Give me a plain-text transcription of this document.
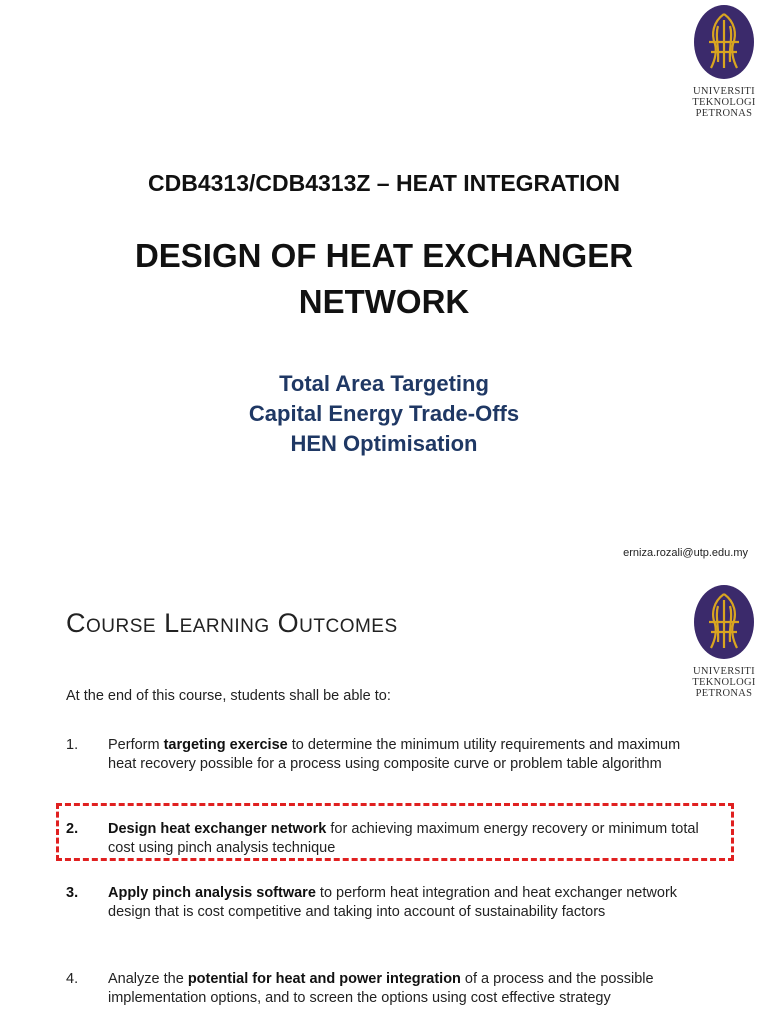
UNIVERSITI
TEKNOLOGI
PETRONAS
CDB4313/CDB4313Z – HEAT INTEGRATION
DESIGN OF HEAT EXCHANGER NETWORK
Total Area Targeting
Capital Energy Trade-Offs
HEN Optimisation
erniza.rozali@utp.edu.my
UNIVERSITI
TEKNOLOGI
PETRONAS
Course Learning Outcomes
At the end of this course, students shall be able to:
1.	Perform targeting exercise to determine the minimum utility requirements and maximum heat recovery possible for a process using composite curve or problem table algorithm
2.	Design heat exchanger network for achieving maximum energy recovery or minimum total cost using pinch analysis technique
3.	Apply pinch analysis software to perform heat integration and heat exchanger network design that is cost competitive and taking into account of sustainability factors
4.	Analyze the potential for heat and power integration of a process and the possible implementation options, and to screen the options using cost effective strategy
